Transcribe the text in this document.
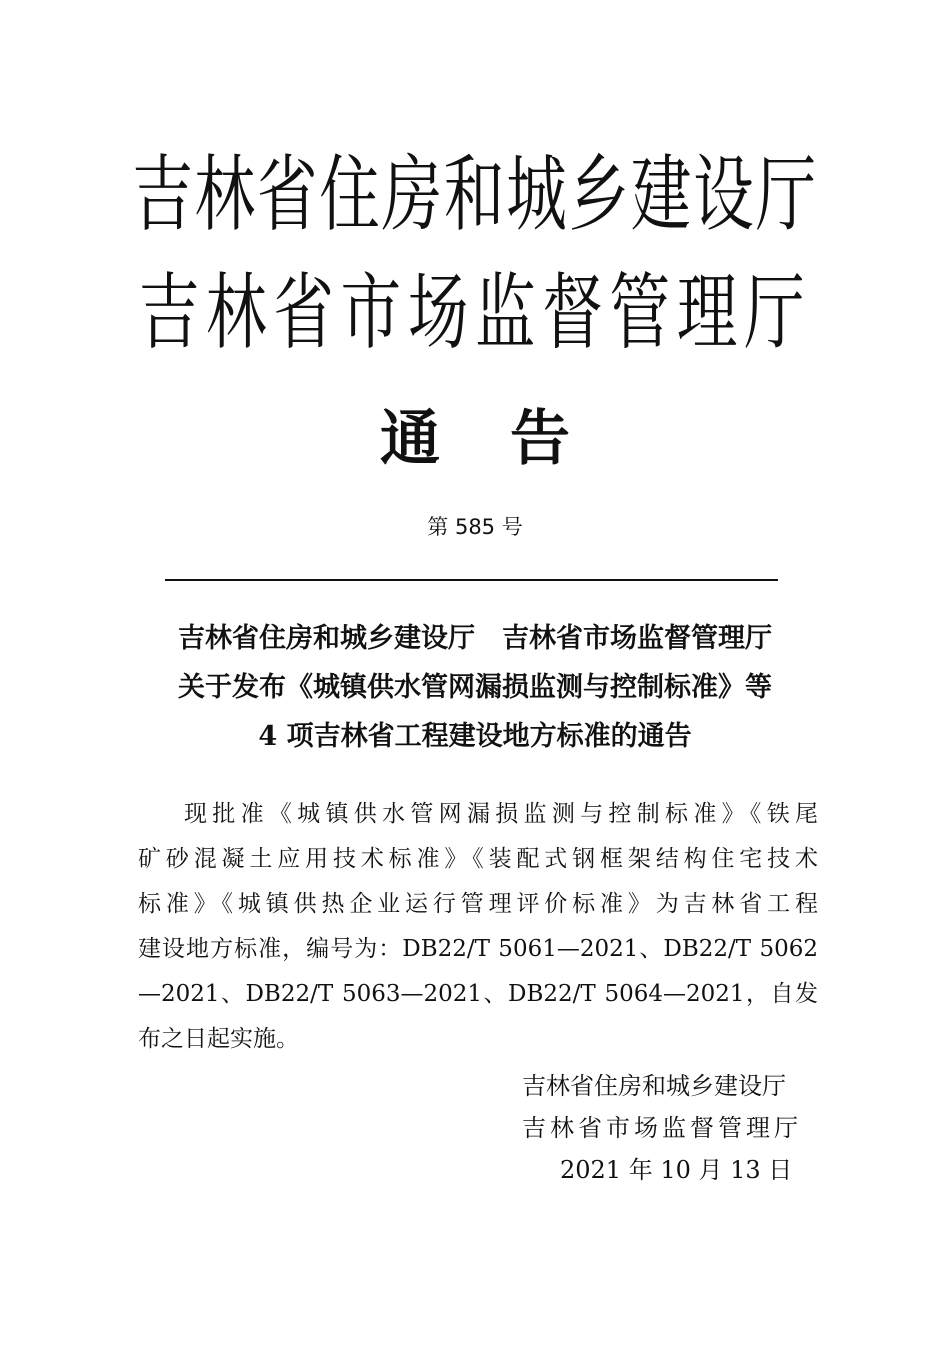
吉林省住房和城乡建设厅
吉林省市场监督管理厅
通告
第 585 号
吉林省住房和城乡建设厅　吉林省市场监督管理厅
关于发布《城镇供水管网漏损监测与控制标准》等
4 项吉林省工程建设地方标准的通告
现批准《城镇供水管网漏损监测与控制标准》《铁尾
矿砂混凝土应用技术标准》《装配式钢框架结构住宅技术
标准》《城镇供热企业运行管理评价标准》为吉林省工程
建设地方标准，编号为：DB22/T 5061—2021、DB22/T 5062
—2021、DB22/T 5063—2021、DB22/T 5064—2021，自发
布之日起实施。
吉林省住房和城乡建设厅
吉林省市场监督管理厅
2021 年 10 月 13 日
